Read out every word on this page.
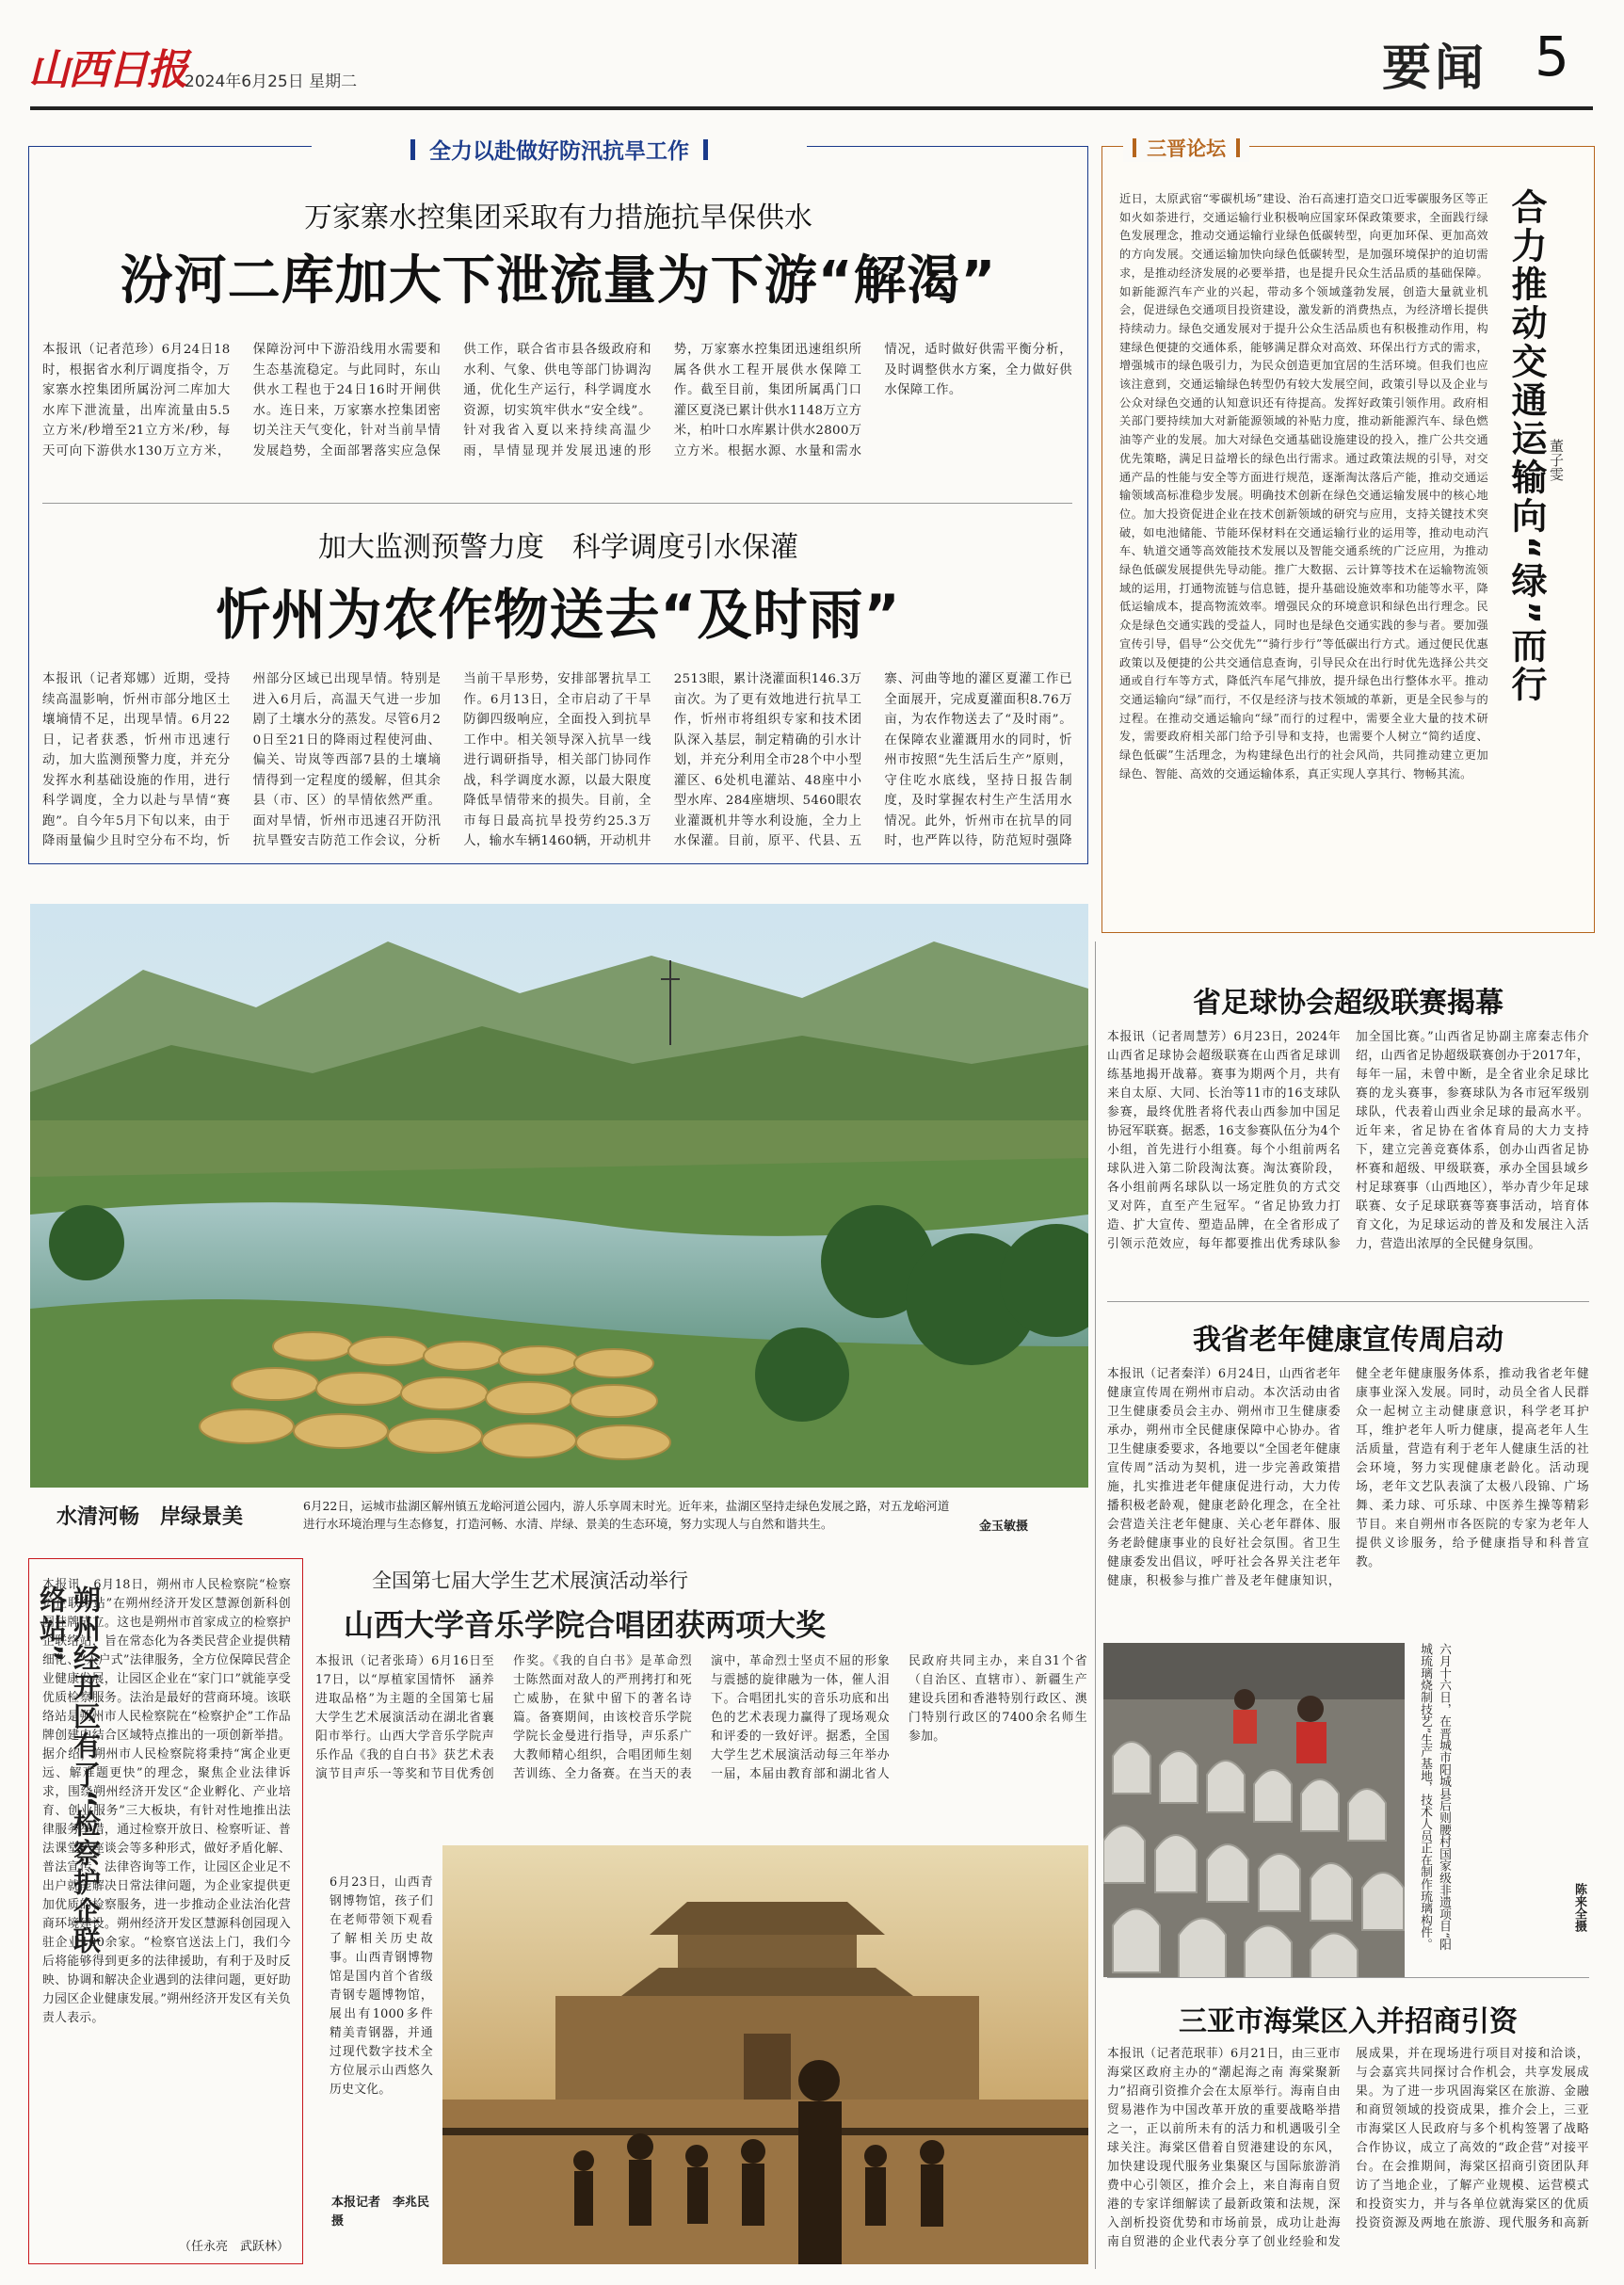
山西日报
2024年6月25日 星期二	要闻 5
全力以赴做好防汛抗旱工作
万家寨水控集团采取有力措施抗旱保供水
汾河二库加大下泄流量为下游“解渴”
本报讯（记者范珍）6月24日18时，根据省水利厅调度指令，万家寨水控集团所属汾河二库加大水库下泄流量，出库流量由5.5立方米/秒增至21立方米/秒，每天可向下游供水130万立方米，保障汾河中下游沿线用水需要和生态基流稳定。与此同时，东山供水工程也于24日16时开闸供水。连日来，万家寨水控集团密切关注天气变化，针对当前旱情发展趋势，全面部署落实应急保供工作，联合省市县各级政府和水利、气象、供电等部门协调沟通，优化生产运行，科学调度水资源，切实筑牢供水“安全线”。针对我省入夏以来持续高温少雨，旱情显现并发展迅速的形势，万家寨水控集团迅速组织所属各供水工程开展供水保障工作。截至目前，集团所属禹门口灌区夏浇已累计供水1148万立方米，柏叶口水库累计供水2800万立方米。根据水源、水量和需水情况，适时做好供需平衡分析，及时调整供水方案，全力做好供水保障工作。
加大监测预警力度　科学调度引水保灌
忻州为农作物送去“及时雨”
本报讯（记者郑娜）近期，受持续高温影响，忻州市部分地区土壤墒情不足，出现旱情。6月22日，记者获悉，忻州市迅速行动，加大监测预警力度，并充分发挥水利基础设施的作用，进行科学调度，全力以赴与旱情“赛跑”。自今年5月下旬以来，由于降雨量偏少且时空分布不均，忻州部分区域已出现旱情。特别是进入6月后，高温天气进一步加剧了土壤水分的蒸发。尽管6月20日至21日的降雨过程使河曲、偏关、岢岚等西部7县的土壤墒情得到一定程度的缓解，但其余县（市、区）的旱情依然严重。面对旱情，忻州市迅速召开防汛抗旱暨安吉防范工作会议，分析当前干旱形势，安排部署抗旱工作。6月13日，全市启动了干旱防御四级响应，全面投入到抗旱工作中。相关领导深入抗旱一线进行调研指导，相关部门协同作战，科学调度水源，以最大限度降低旱情带来的损失。目前，全市每日最高抗旱投劳约25.3万人，输水车辆1460辆，开动机井2513眼，累计浇灌面积146.3万亩次。为了更有效地进行抗旱工作，忻州市将组织专家和技术团队深入基层，制定精确的引水计划，并充分利用全市28个中小型灌区、6处机电灌站、48座中小型水库、284座塘坝、5460眼农业灌溉机井等水利设施，全力上水保灌。目前，原平、代县、五寨、河曲等地的灌区夏灌工作已全面展开，完成夏灌面积8.76万亩，为农作物送去了“及时雨”。在保障农业灌溉用水的同时，忻州市按照“先生活后生产”原则，守住吃水底线，坚持日报告制度，及时掌握农村生产生活用水情况。此外，忻州市在抗旱的同时，也严阵以待，防范短时强降
三晋论坛
近日，太原武宿“零碳机场”建设、治石高速打造交口近零碳服务区等正如火如荼进行，交通运输行业积极响应国家环保政策要求，全面践行绿色发展理念，推动交通运输行业绿色低碳转型，向更加环保、更加高效的方向发展。交通运输加快向绿色低碳转型，是加强环境保护的迫切需求，是推动经济发展的必要举措，也是提升民众生活品质的基础保障。如新能源汽车产业的兴起，带动多个领域蓬勃发展，创造大量就业机会，促进绿色交通项目投资建设，激发新的消费热点，为经济增长提供持续动力。绿色交通发展对于提升公众生活品质也有积极推动作用，构建绿色便捷的交通体系，能够满足群众对高效、环保出行方式的需求，增强城市的绿色吸引力，为民众创造更加宜居的生活环境。但我们也应该注意到，交通运输绿色转型仍有较大发展空间，政策引导以及企业与公众对绿色交通的认知意识还有待提高。发挥好政策引领作用。政府相关部门要持续加大对新能源领域的补贴力度，推动新能源汽车、绿色燃油等产业的发展。加大对绿色交通基础设施建设的投入，推广公共交通优先策略，满足日益增长的绿色出行需求。通过政策法规的引导，对交通产品的性能与安全等方面进行规范，逐渐淘汰落后产能，推动交通运输领域高标准稳步发展。明确技术创新在绿色交通运输发展中的核心地位。加大投资促进企业在技术创新领域的研究与应用，支持关键技术突破，如电池储能、节能环保材料在交通运输行业的运用等，推动电动汽车、轨道交通等高效能技术发展以及智能交通系统的广泛应用，为推动绿色低碳发展提供先导动能。推广大数据、云计算等技术在运输物流领域的运用，打通物流链与信息链，提升基础设施效率和功能等水平，降低运输成本，提高物流效率。增强民众的环境意识和绿色出行理念。民众是绿色交通实践的受益人，同时也是绿色交通实践的参与者。要加强宣传引导，倡导“公交优先”“骑行步行”等低碳出行方式。通过便民优惠政策以及便捷的公共交通信息查询，引导民众在出行时优先选择公共交通或自行车等方式，降低汽车尾气排放，提升绿色出行整体水平。推动交通运输向“绿”而行，不仅是经济与技术领域的革新，更是全民参与的过程。在推动交通运输向“绿”而行的过程中，需要全业大量的技术研发，需要政府相关部门给予引导和支持，也需要个人树立“简约适度、绿色低碳”生活理念，为构建绿色出行的社会风尚，共同推动建立更加绿色、智能、高效的交通运输体系，真正实现人享其行、物畅其流。
合力推动交通运输向“绿”而行 董子雯
水清河畅　岸绿景美	6月22日，运城市盐湖区解州镇五龙峪河道公园内，游人乐享周末时光。近年来，盐湖区坚持走绿色发展之路，对五龙峪河道进行水环境治理与生态修复，打造河畅、水清、岸绿、景美的生态环境，努力实现人与自然和谐共生。	金玉敏摄
省足球协会超级联赛揭幕
本报讯（记者周慧芳）6月23日，2024年山西省足球协会超级联赛在山西省足球训练基地揭开战幕。赛事为期两个月，共有来自太原、大同、长治等11市的16支球队参赛，最终优胜者将代表山西参加中国足协冠军联赛。据悉，16支参赛队伍分为4个小组，首先进行小组赛。每个小组前两名球队进入第二阶段淘汰赛。淘汰赛阶段，各小组前两名球队以一场定胜负的方式交叉对阵，直至产生冠军。“省足协致力打造、扩大宣传、塑造品牌，在全省形成了引领示范效应，每年都要推出优秀球队参加全国比赛。”山西省足协副主席秦志伟介绍，山西省足协超级联赛创办于2017年，每年一届，未曾中断，是全省业余足球比赛的龙头赛事，参赛球队为各市冠军级别球队，代表着山西业余足球的最高水平。近年来，省足协在省体育局的大力支持下，建立完善竞赛体系，创办山西省足协杯赛和超级、甲级联赛，承办全国县域乡村足球赛事（山西地区），举办青少年足球联赛、女子足球联赛等赛事活动，培育体育文化，为足球运动的普及和发展注入活力，营造出浓厚的全民健身氛围。
我省老年健康宣传周启动
本报讯（记者秦洋）6月24日，山西省老年健康宣传周在朔州市启动。本次活动由省卫生健康委员会主办、朔州市卫生健康委承办，朔州市全民健康保障中心协办。省卫生健康委要求，各地要以“全国老年健康宣传周”活动为契机，进一步完善政策措施，扎实推进老年健康促进行动，大力传播积极老龄观，健康老龄化理念，在全社会营造关注老年健康、关心老年群体、服务老龄健康事业的良好社会氛围。省卫生健康委发出倡议，呼吁社会各界关注老年健康，积极参与推广普及老年健康知识，健全老年健康服务体系，推动我省老年健康事业深入发展。同时，动员全省人民群众一起树立主动健康意识，科学老耳护耳，维护老年人听力健康，提高老年人生活质量，营造有利于老年人健康生活的社会环境，努力实现健康老龄化。活动现场，老年文艺队表演了太极八段锦、广场舞、柔力球、可乐球、中医养生操等精彩节目。来自朔州市各医院的专家为老年人提供义诊服务，给予健康指导和科普宣教。
六月十六日，在晋城市阳城县后则腰村国家级非遗项目“阳城琉璃烧制技艺”生产基地，技术人员正在制作琉璃构件。	陈来全摄
三亚市海棠区入并招商引资
本报讯（记者范珉菲）6月21日，由三亚市海棠区政府主办的“潮起海之南 海棠聚新力”招商引资推介会在太原举行。海南自由贸易港作为中国改革开放的重要战略举措之一，正以前所未有的活力和机遇吸引全球关注。海棠区借着自贸港建设的东风，加快建设现代服务业集聚区与国际旅游消费中心引领区，推介会上，来自海南自贸港的专家详细解读了最新政策和法规，深入剖析投资优势和市场前景，成功让赴海南自贸港的企业代表分享了创业经验和发展成果，并在现场进行项目对接和洽谈，与会嘉宾共同探讨合作机会，共享发展成果。为了进一步巩固海棠区在旅游、金融和商贸领域的投资成果，推介会上，三亚市海棠区人民政府与多个机构签署了战略合作协议，成立了高效的“政企营”对接平台。在会推期间，海棠区招商引资团队拜访了当地企业，了解产业规模、运营模式和投资实力，并与各单位就海棠区的优质投资资源及两地在旅游、现代服务和高新
朔州经开区有了“检察护企联络站”
本报讯　6月18日，朔州市人民检察院“检察护企联络站”在朔州经济开发区慧源创新科创园挂牌成立。这也是朔州市首家成立的检察护企联络站，旨在常态化为各类民营企业提供精细化、“入户式”法律服务，全方位保障民营企业健康发展，让园区企业在“家门口”就能享受优质检察服务。法治是最好的营商环境。该联络站是朔州市人民检察院在“检察护企”工作品牌创建中结合区域特点推出的一项创新举措。据介绍，朔州市人民检察院将秉持“寓企业更远、解难题更快”的理念，聚焦企业法律诉求，围绕朔州经济开发区“企业孵化、产业培育、创业服务”三大板块，有针对性地推出法律服务举措，通过检察开放日、检察听证、普法课堂、座谈会等多种形式，做好矛盾化解、普法宣传、法律咨询等工作，让园区企业足不出户就能解决日常法律问题，为企业家提供更加优质的检察服务，进一步推动企业法治化营商环境建设。朔州经济开发区慧源科创园现入驻企业100余家。“检察官送法上门，我们今后将能够得到更多的法律援助，有利于及时反映、协调和解决企业遇到的法律问题，更好助力园区企业健康发展。”朔州经济开发区有关负责人表示。
（任永亮　武跃林）
全国第七届大学生艺术展演活动举行
山西大学音乐学院合唱团获两项大奖
本报讯（记者张琦）6月16日至17日，以“厚植家国情怀　涵养进取品格”为主题的全国第七届大学生艺术展演活动在湖北省襄阳市举行。山西大学音乐学院声乐作品《我的自白书》获艺术表演节目声乐一等奖和节目优秀创作奖。《我的自白书》是革命烈士陈然面对敌人的严刑拷打和死亡威胁，在狱中留下的著名诗篇。备赛期间，由该校音乐学院学院长金曼进行指导，声乐系广大教师精心组织，合唱团师生刻苦训练、全力备赛。在当天的表演中，革命烈士坚贞不屈的形象与震撼的旋律融为一体，催人泪下。合唱团扎实的音乐功底和出色的艺术表现力赢得了现场观众和评委的一致好评。据悉，全国大学生艺术展演活动每三年举办一届，本届由教育部和湖北省人民政府共同主办，来自31个省（自治区、直辖市）、新疆生产建设兵团和香港特别行政区、澳门特别行政区的7400余名师生参加。
6月23日，山西青钢博物馆，孩子们在老师带领下观看了解相关历史故事。山西青钢博物馆是国内首个省级青钢专题博物馆，展出有1000多件精美青钢器，并通过现代数字技术全方位展示山西悠久历史文化。
本报记者　李兆民摄
